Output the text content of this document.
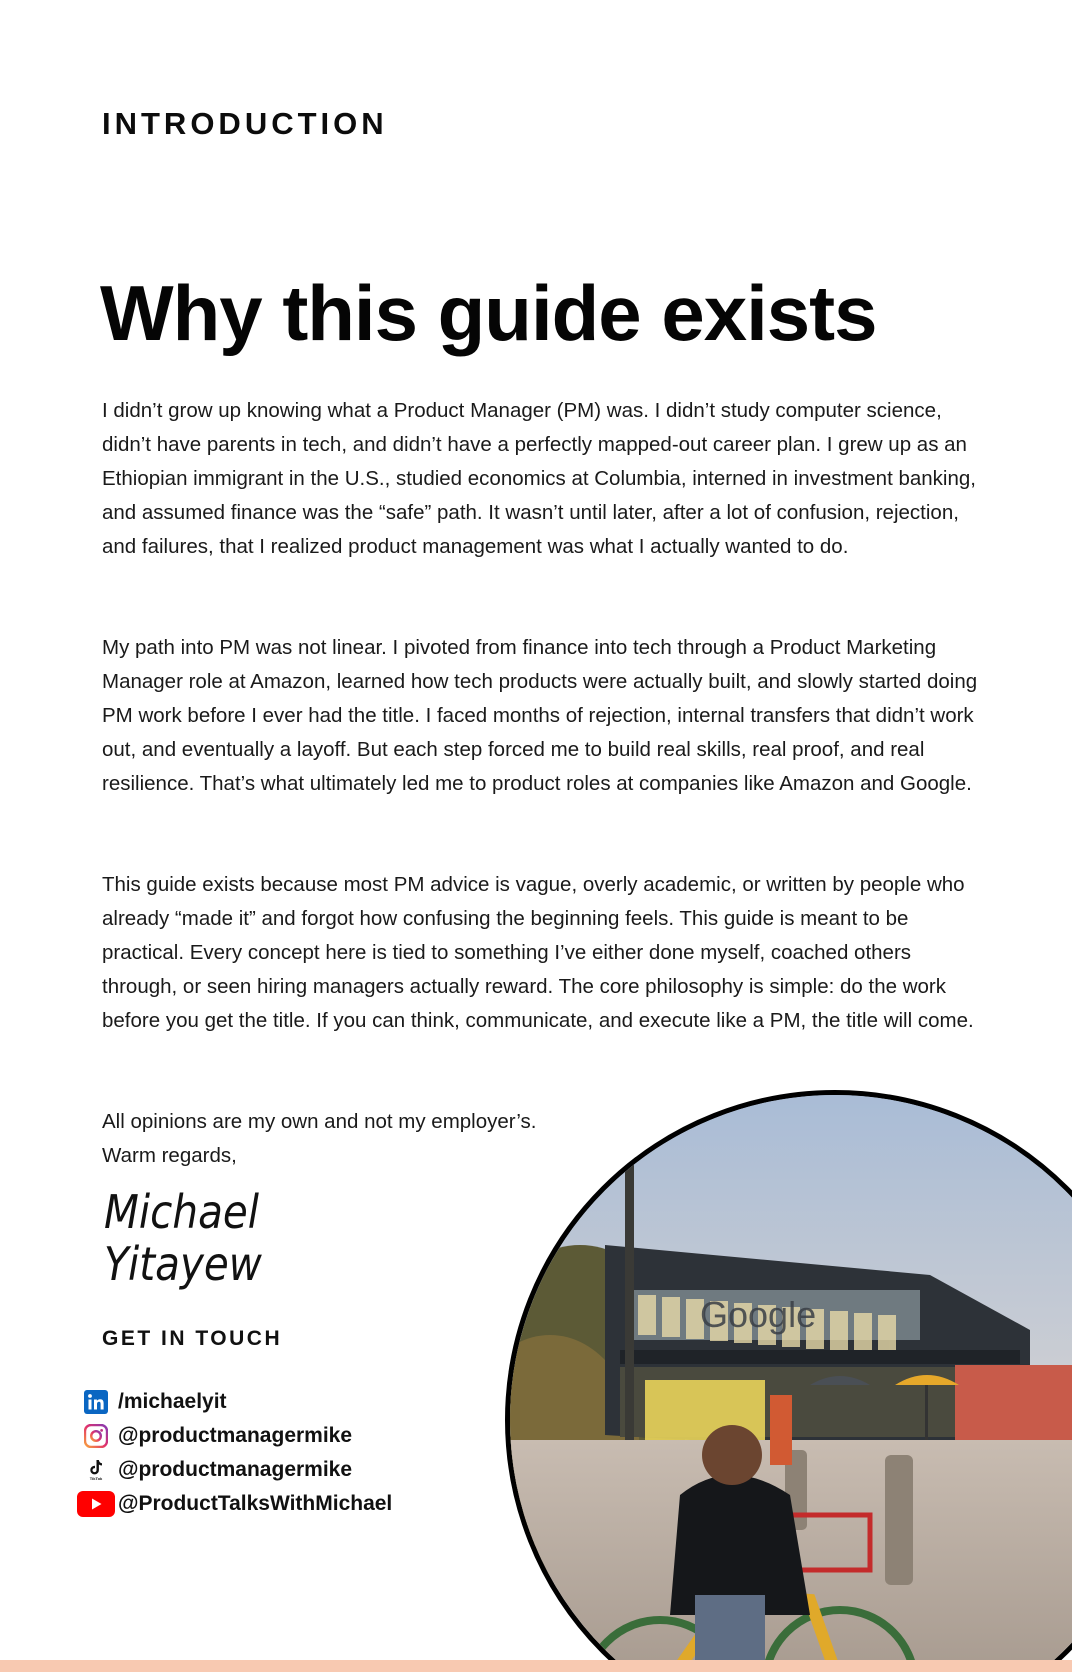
INTRODUCTION
Why this guide exists

I didn’t grow up knowing what a Product Manager (PM) was. I didn’t study computer science, didn’t have parents in tech, and didn’t have a perfectly mapped-out career plan. I grew up as an Ethiopian immigrant in the U.S., studied economics at Columbia, interned in investment banking, and assumed finance was the “safe” path. It wasn’t until later, after a lot of confusion, rejection, and failures, that I realized product management was what I actually wanted to do.

My path into PM was not linear. I pivoted from finance into tech through a Product Marketing Manager role at Amazon, learned how tech products were actually built, and slowly started doing PM work before I ever had the title. I faced months of rejection, internal transfers that didn’t work out, and eventually a layoff. But each step forced me to build real skills, real proof, and real resilience. That’s what ultimately led me to product roles at companies like Amazon and Google.

This guide exists because most PM advice is vague, overly academic, or written by people who already “made it” and forgot how confusing the beginning feels. This guide is meant to be practical. Every concept here is tied to something I’ve either done myself, coached others through, or seen hiring managers actually reward. The core philosophy is simple: do the work before you get the title. If you can think, communicate, and execute like a PM, the title will come.

All opinions are my own and not my employer’s.
Warm regards,
Michael
Yitayew
GET IN TOUCH
/michaelyit
@productmanagermike
TikTok @productmanagermike
@ProductTalksWithMichael
Google
